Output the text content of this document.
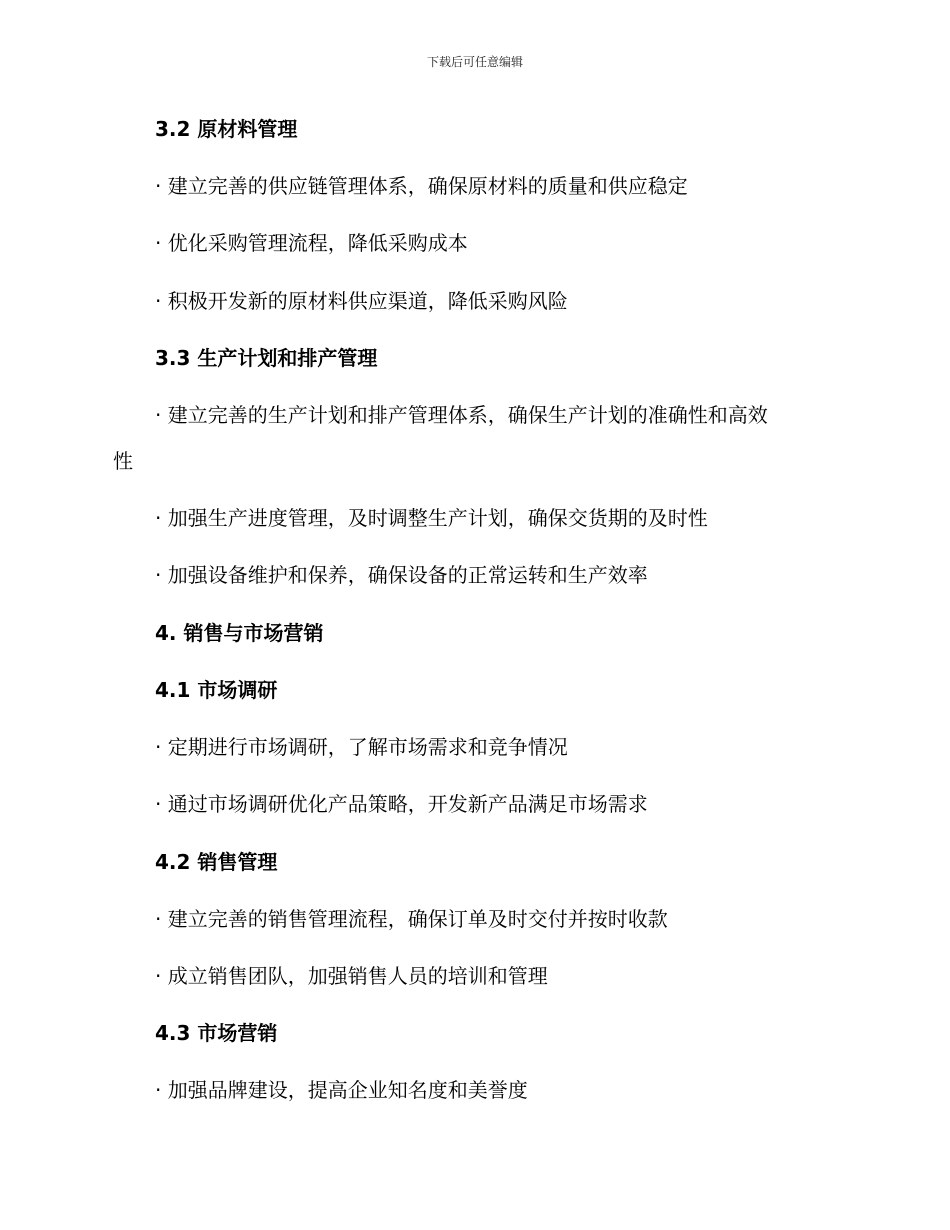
下载后可任意编辑
3.2 原材料管理
· 建立完善的供应链管理体系，确保原材料的质量和供应稳定
· 优化采购管理流程，降低采购成本
· 积极开发新的原材料供应渠道，降低采购风险
3.3 生产计划和排产管理
· 建立完善的生产计划和排产管理体系，确保生产计划的准确性和高效
性
· 加强生产进度管理，及时调整生产计划，确保交货期的及时性
· 加强设备维护和保养，确保设备的正常运转和生产效率
4. 销售与市场营销
4.1 市场调研
· 定期进行市场调研，了解市场需求和竞争情况
· 通过市场调研优化产品策略，开发新产品满足市场需求
4.2 销售管理
· 建立完善的销售管理流程，确保订单及时交付并按时收款
· 成立销售团队，加强销售人员的培训和管理
4.3 市场营销
· 加强品牌建设，提高企业知名度和美誉度
